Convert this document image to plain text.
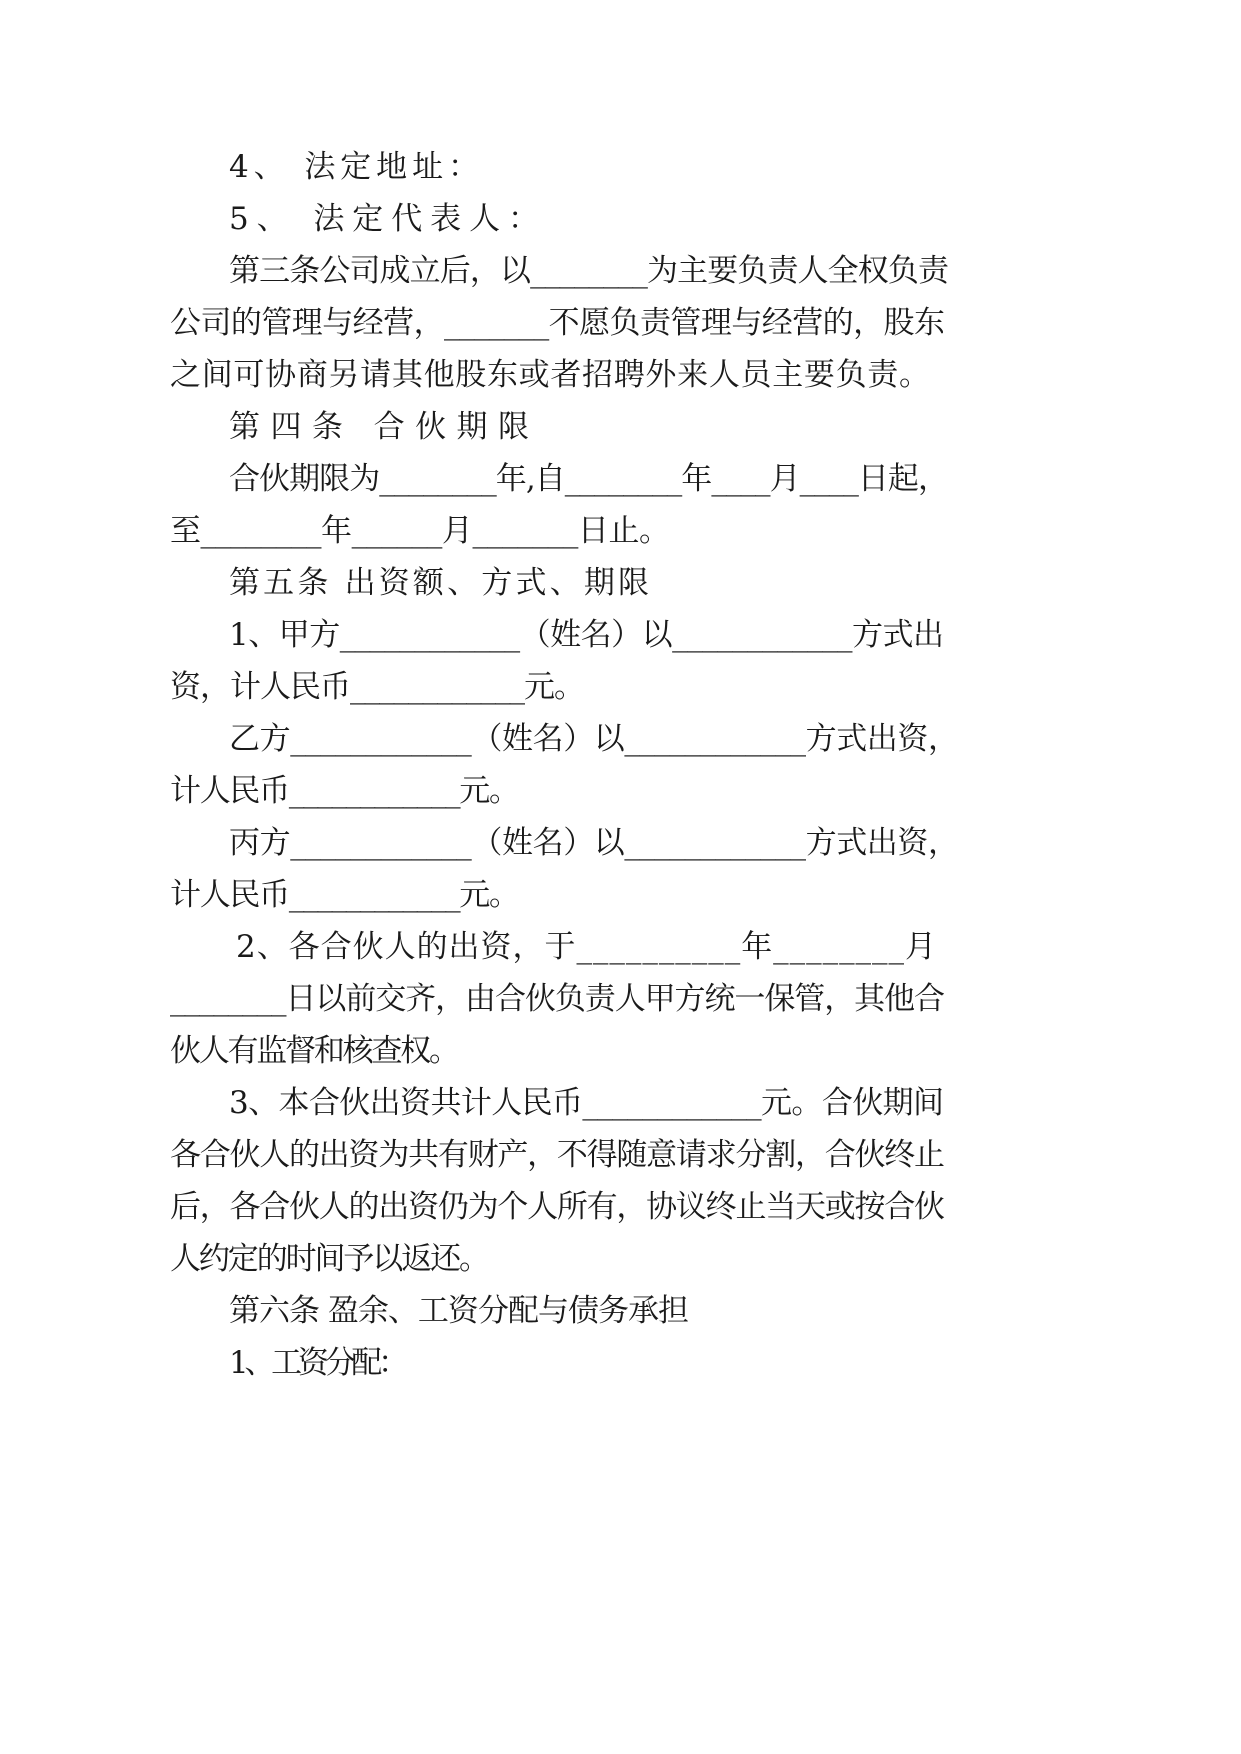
4、 法定地址：
5、 法定代表人：
第三条公司成立后，以________为主要负责人全权负责
公司的管理与经营，_______不愿负责管理与经营的，股东
之间可协商另请其他股东或者招聘外来人员主要负责。
第四条 合伙期限
合伙期限为________年,自________年____月____日起，
至________年______月_______日止。
第五条 出资额、方式、期限
1、甲方____________（姓名）以____________方式出
资，计人民币____________元。
乙方____________（姓名）以____________方式出资，
计人民币____________元。
丙方____________（姓名）以____________方式出资，
计人民币____________元。
2、各合伙人的出资，于__________年________月
________日以前交齐，由合伙负责人甲方统一保管，其他合
伙人有监督和核查权。
3、本合伙出资共计人民币____________元。合伙期间
各合伙人的出资为共有财产，不得随意请求分割，合伙终止
后，各合伙人的出资仍为个人所有，协议终止当天或按合伙
人约定的时间予以返还。
第六条 盈余、工资分配与债务承担
1、工资分配：
